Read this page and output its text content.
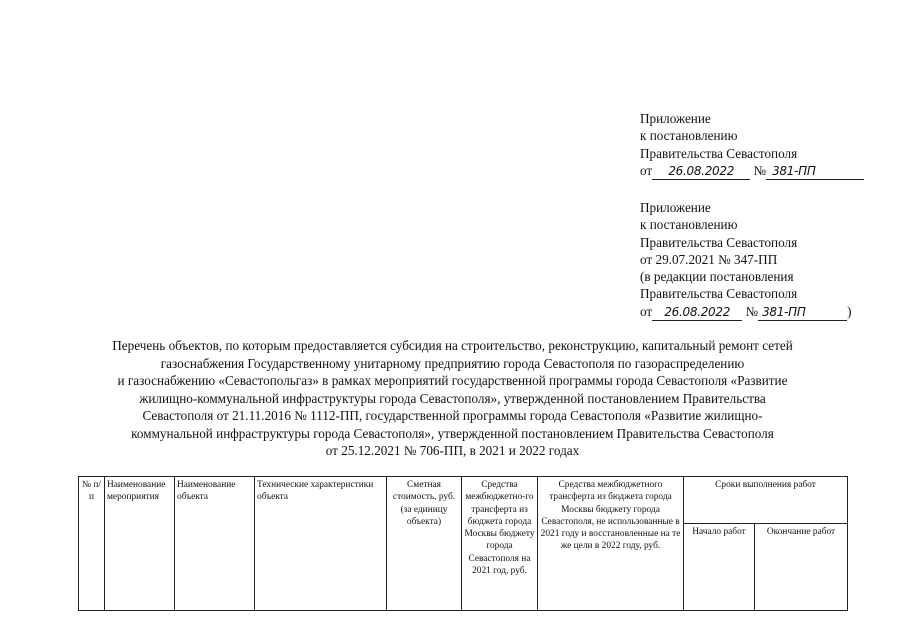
Приложение
к постановлению
Правительства Севастополя
от 26.08.2022 № 381-ПП
Приложение
к постановлению
Правительства Севастополя
от 29.07.2021 № 347-ПП
(в редакции постановления
Правительства Севастополя
от 26.08.2022 № 381-ПП	)
Перечень объектов, по которым предоставляется субсидия на строительство, реконструкцию, капитальный ремонт сетей
газоснабжения Государственному унитарному предприятию города Севастополя по газораспределению
и газоснабжению «Севастопольгаз» в рамках мероприятий государственной программы города Севастополя «Развитие
жилищно-коммунальной инфраструктуры города Севастополя», утвержденной постановлением Правительства
Севастополя от 21.11.2016 № 1112-ПП, государственной программы города Севастополя «Развитие жилищно-
коммунальной инфраструктуры города Севастополя», утвержденной постановлением Правительства Севастополя
от 25.12.2021 № 706-ПП, в 2021 и 2022 годах
№ п/п	Наименование мероприятия	Наименование объекта	Технические характеристики объекта	Сметная стоимость, руб. (за единицу объекта)	Средства межбюджетно-го трансферта из бюджета города Москвы бюджету города Севастополя на 2021 год, руб.	Средства межбюджетного трансферта из бюджета города Москвы бюджету города Севастополя, не использованные в 2021 году и восстановленные на те же цели в 2022 году, руб.	Сроки выполнения работ	
							Начало работ	Окончание работ
